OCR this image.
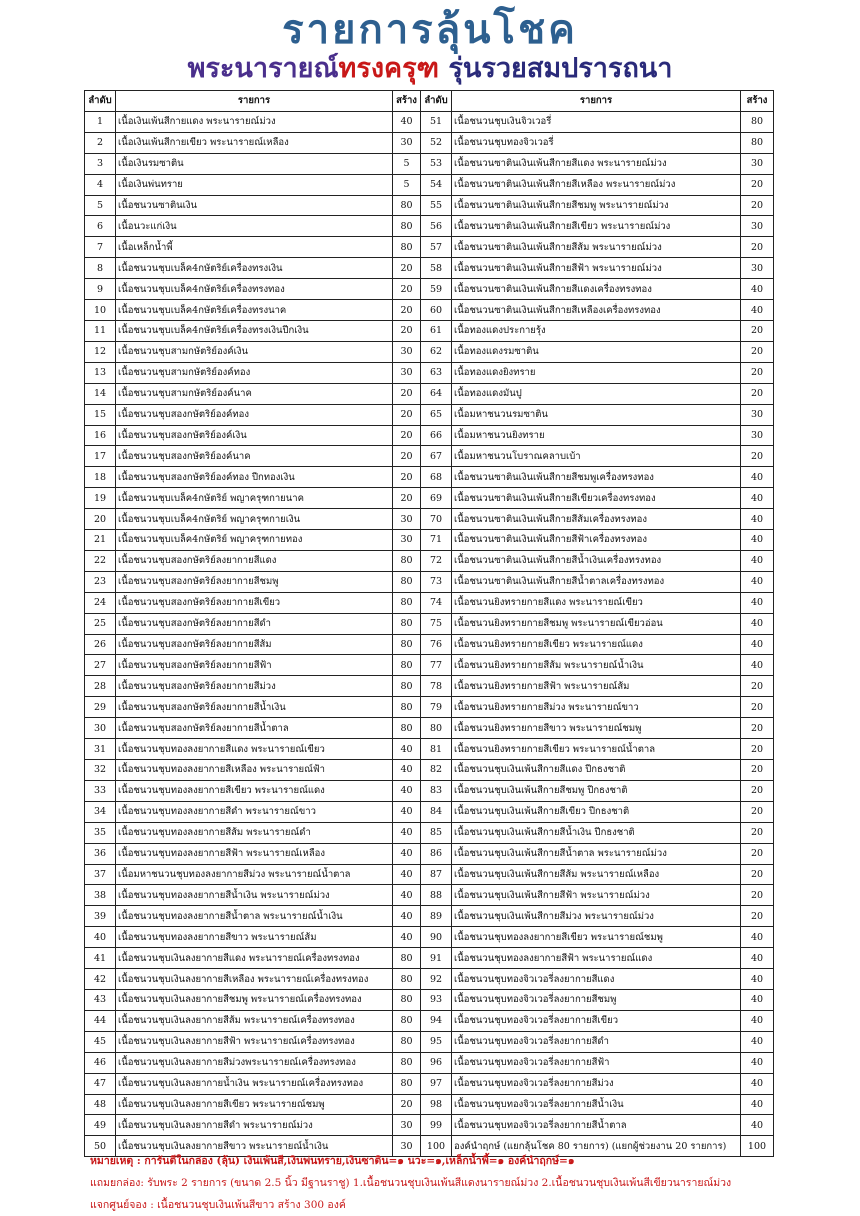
รายการลุ้นโชค
พระนารายณ์ทรงครุฑ รุ่นรวยสมปรารถนา
ลำดับ	รายการ	สร้าง	ลำดับ	รายการ	สร้าง
1	เนื้อเงินเพ้นสีกายแดง พระนารายณ์ม่วง	40	51	เนื้อชนวนชุบเงินจิวเวอรี่	80
2	เนื้อเงินเพ้นสีกายเขียว พระนารายณ์เหลือง	30	52	เนื้อชนวนชุบทองจิวเวอรี่	80
3	เนื้อเงินรมซาติน	5	53	เนื้อชนวนซาตินเงินเพ้นสีกายสีแดง พระนารายณ์ม่วง	30
4	เนื้อเงินพ่นทราย	5	54	เนื้อชนวนซาตินเงินเพ้นสีกายสีเหลือง พระนารายณ์ม่วง	20
5	เนื้อชนวนซาตินเงิน	80	55	เนื้อชนวนซาตินเงินเพ้นสีกายสีชมพู พระนารายณ์ม่วง	20
6	เนื้อนวะแก่เงิน	80	56	เนื้อชนวนซาตินเงินเพ้นสีกายสีเขียว พระนารายณ์ม่วง	30
7	เนื้อเหล็กน้ำพี้	80	57	เนื้อชนวนซาตินเงินเพ้นสีกายสีส้ม พระนารายณ์ม่วง	20
8	เนื้อชนวนชุบเบล็ค4กษัตริย์เครื่องทรงเงิน	20	58	เนื้อชนวนซาตินเงินเพ้นสีกายสีฟ้า พระนารายณ์ม่วง	30
9	เนื้อชนวนชุบเบล็ค4กษัตริย์เครื่องทรงทอง	20	59	เนื้อชนวนซาตินเงินเพ้นสีกายสีแดงเครื่องทรงทอง	40
10	เนื้อชนวนชุบเบล็ค4กษัตริย์เครื่องทรงนาค	20	60	เนื้อชนวนซาตินเงินเพ้นสีกายสีเหลืองเครื่องทรงทอง	40
11	เนื้อชนวนชุบเบล็ค4กษัตริย์เครื่องทรงเงินปีกเงิน	20	61	เนื้อทองแดงประกายรุ้ง	20
12	เนื้อชนวนชุบสามกษัตริย์องค์เงิน	30	62	เนื้อทองแดงรมซาติน	20
13	เนื้อชนวนชุบสามกษัตริย์องค์ทอง	30	63	เนื้อทองแดงยิงทราย	20
14	เนื้อชนวนชุบสามกษัตริย์องค์นาค	20	64	เนื้อทองแดงมันปู	20
15	เนื้อชนวนชุบสองกษัตริย์องค์ทอง	20	65	เนื้อมหาชนวนรมซาติน	30
16	เนื้อชนวนชุบสองกษัตริย์องค์เงิน	20	66	เนื้อมหาชนวนยิงทราย	30
17	เนื้อชนวนชุบสองกษัตริย์องค์นาค	20	67	เนื้อมหาชนวนโบราณคลาบเบ้า	20
18	เนื้อชนวนชุบสองกษัตริย์องค์ทอง ปีกทองเงิน	20	68	เนื้อชนวนซาตินเงินเพ้นสีกายสีชมพูเครื่องทรงทอง	40
19	เนื้อชนวนชุบเบล็ค4กษัตริย์ พญาครุฑกายนาค	20	69	เนื้อชนวนซาตินเงินเพ้นสีกายสีเขียวเครื่องทรงทอง	40
20	เนื้อชนวนชุบเบล็ค4กษัตริย์ พญาครุฑกายเงิน	30	70	เนื้อชนวนซาตินเงินเพ้นสีกายสีส้มเครื่องทรงทอง	40
21	เนื้อชนวนชุบเบล็ค4กษัตริย์ พญาครุฑกายทอง	30	71	เนื้อชนวนซาตินเงินเพ้นสีกายสีฟ้าเครื่องทรงทอง	40
22	เนื้อชนวนชุบสองกษัตริย์ลงยากายสีแดง	80	72	เนื้อชนวนซาตินเงินเพ้นสีกายสีน้ำเงินเครื่องทรงทอง	40
23	เนื้อชนวนชุบสองกษัตริย์ลงยากายสีชมพู	80	73	เนื้อชนวนซาตินเงินเพ้นสีกายสีน้ำตาลเครื่องทรงทอง	40
24	เนื้อชนวนชุบสองกษัตริย์ลงยากายสีเขียว	80	74	เนื้อชนวนยิงทรายกายสีแดง พระนารายณ์เขียว	40
25	เนื้อชนวนชุบสองกษัตริย์ลงยากายสีดำ	80	75	เนื้อชนวนยิงทรายกายสีชมพู พระนารายณ์เขียวอ่อน	40
26	เนื้อชนวนชุบสองกษัตริย์ลงยากายสีส้ม	80	76	เนื้อชนวนยิงทรายกายสีเขียว พระนารายณ์แดง	40
27	เนื้อชนวนชุบสองกษัตริย์ลงยากายสีฟ้า	80	77	เนื้อชนวนยิงทรายกายสีส้ม พระนารายณ์น้ำเงิน	40
28	เนื้อชนวนชุบสองกษัตริย์ลงยากายสีม่วง	80	78	เนื้อชนวนยิงทรายกายสีฟ้า พระนารายณ์ส้ม	20
29	เนื้อชนวนชุบสองกษัตริย์ลงยากายสีน้ำเงิน	80	79	เนื้อชนวนยิงทรายกายสีม่วง พระนารายณ์ขาว	20
30	เนื้อชนวนชุบสองกษัตริย์ลงยากายสีน้ำตาล	80	80	เนื้อชนวนยิงทรายกายสีขาว พระนารายณ์ชมพู	20
31	เนื้อชนวนชุบทองลงยากายสีแดง พระนารายณ์เขียว	40	81	เนื้อชนวนยิงทรายกายสีเขียว พระนารายณ์น้ำตาล	20
32	เนื้อชนวนชุบทองลงยากายสีเหลือง พระนารายณ์ฟ้า	40	82	เนื้อชนวนชุบเงินเพ้นสีกายสีแดง ปีกธงชาติ	20
33	เนื้อชนวนชุบทองลงยากายสีเขียว พระนารายณ์แดง	40	83	เนื้อชนวนชุบเงินเพ้นสีกายสีชมพู ปีกธงชาติ	20
34	เนื้อชนวนชุบทองลงยากายสีดำ พระนารายณ์ขาว	40	84	เนื้อชนวนชุบเงินเพ้นสีกายสีเขียว ปีกธงชาติ	20
35	เนื้อชนวนชุบทองลงยากายสีส้ม พระนารายณ์ดำ	40	85	เนื้อชนวนชุบเงินเพ้นสีกายสีน้ำเงิน ปีกธงชาติ	20
36	เนื้อชนวนชุบทองลงยากายสีฟ้า พระนารายณ์เหลือง	40	86	เนื้อชนวนชุบเงินเพ้นสีกายสีน้ำตาล พระนารายณ์ม่วง	20
37	เนื้อมหาชนวนชุบทองลงยากายสีม่วง พระนารายณ์น้ำตาล	40	87	เนื้อชนวนชุบเงินเพ้นสีกายสีส้ม พระนารายณ์เหลือง	20
38	เนื้อชนวนชุบทองลงยากายสีน้ำเงิน พระนารายณ์ม่วง	40	88	เนื้อชนวนชุบเงินเพ้นสีกายสีฟ้า พระนารายณ์ม่วง	20
39	เนื้อชนวนชุบทองลงยากายสีน้ำตาล พระนารายณ์น้ำเงิน	40	89	เนื้อชนวนชุบเงินเพ้นสีกายสีม่วง พระนารายณ์ม่วง	20
40	เนื้อชนวนชุบทองลงยากายสีขาว พระนารายณ์ส้ม	40	90	เนื้อชนวนชุบทองลงยากายสีเขียว พระนารายณ์ชมพู	40
41	เนื้อชนวนชุบเงินลงยากายสีแดง พระนารายณ์เครื่องทรงทอง	80	91	เนื้อชนวนชุบทองลงยากายสีฟ้า พระนารายณ์แดง	40
42	เนื้อชนวนชุบเงินลงยากายสีเหลือง พระนารายณ์เครื่องทรงทอง	80	92	เนื้อชนวนชุบทองจิวเวอรี่ลงยากายสีแดง	40
43	เนื้อชนวนชุบเงินลงยากายสีชมพู พระนารายณ์เครื่องทรงทอง	80	93	เนื้อชนวนชุบทองจิวเวอรี่ลงยากายสีชมพู	40
44	เนื้อชนวนชุบเงินลงยากายสีส้ม พระนารายณ์เครื่องทรงทอง	80	94	เนื้อชนวนชุบทองจิวเวอรี่ลงยากายสีเขียว	40
45	เนื้อชนวนชุบเงินลงยากายสีฟ้า พระนารายณ์เครื่องทรงทอง	80	95	เนื้อชนวนชุบทองจิวเวอรี่ลงยากายสีดำ	40
46	เนื้อชนวนชุบเงินลงยากายสีม่วงพระนารายณ์เครื่องทรงทอง	80	96	เนื้อชนวนชุบทองจิวเวอรี่ลงยากายสีฟ้า	40
47	เนื้อชนวนชุบเงินลงยากายน้ำเงิน พระนารายณ์เครื่องทรงทอง	80	97	เนื้อชนวนชุบทองจิวเวอรี่ลงยากายสีม่วง	40
48	เนื้อชนวนชุบเงินลงยากายสีเขียว พระนารายณ์ชมพู	20	98	เนื้อชนวนชุบทองจิวเวอรี่ลงยากายสีน้ำเงิน	40
49	เนื้อชนวนชุบเงินลงยากายสีดำ พระนารายณ์ม่วง	30	99	เนื้อชนวนชุบทองจิวเวอรี่ลงยากายสีน้ำตาล	40
50	เนื้อชนวนชุบเงินลงยากายสีขาว พระนารายณ์น้ำเงิน	30	100	องค์นำฤกษ์ (แยกลุ้นโชค 80 รายการ) (แยกผู้ช่วยงาน 20 รายการ)	100
หมายเหตุ : การันตีในกล่อง (ลุ้น) เงินเพ้นสี,เงินพ่นทราย,เงินซาติน=๑ นวะ=๑,เหล็กน้ำพี้=๑ องค์นำฤกษ์=๑
แถมยกล่อง: รับพระ 2 รายการ (ขนาด 2.5 นิ้ว มีฐานราชู) 1.เนื้อชนวนชุบเงินเพ้นสีแดงนารายณ์ม่วง 2.เนื้อชนวนชุบเงินเพ้นสีเขียวนารายณ์ม่วง
แจกศูนย์จอง : เนื้อชนวนชุบเงินเพ้นสีขาว สร้าง 300 องค์
